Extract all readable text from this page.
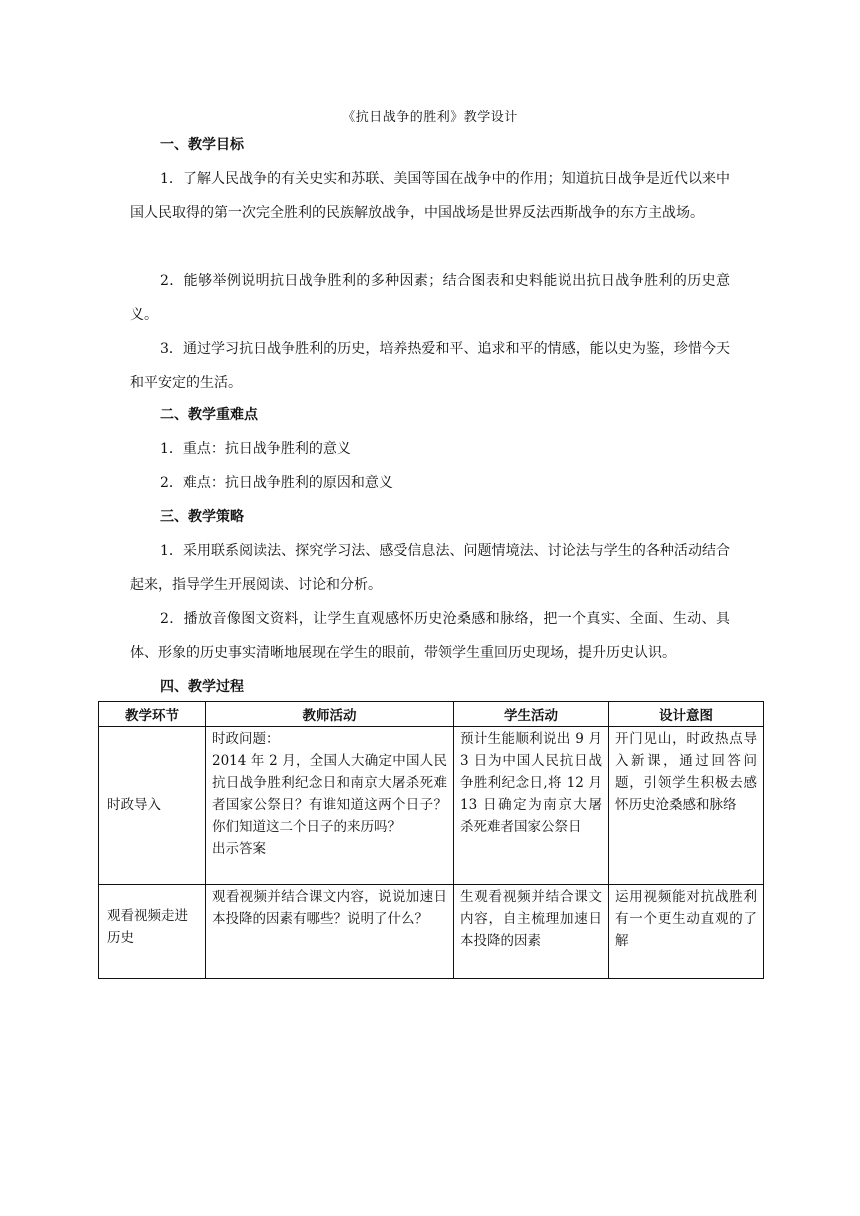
《抗日战争的胜利》教学设计
一、教学目标
1．了解人民战争的有关史实和苏联、美国等国在战争中的作用；知道抗日战争是近代以来中国人民取得的第一次完全胜利的民族解放战争，中国战场是世界反法西斯战争的东方主战场。
2．能够举例说明抗日战争胜利的多种因素；结合图表和史料能说出抗日战争胜利的历史意义。
3．通过学习抗日战争胜利的历史，培养热爱和平、追求和平的情感，能以史为鉴，珍惜今天和平安定的生活。
二、教学重难点
1．重点：抗日战争胜利的意义
2．难点：抗日战争胜利的原因和意义
三、教学策略
1．采用联系阅读法、探究学习法、感受信息法、问题情境法、讨论法与学生的各种活动结合起来，指导学生开展阅读、讨论和分析。
2．播放音像图文资料，让学生直观感怀历史沧桑感和脉络，把一个真实、全面、生动、具体、形象的历史事实清晰地展现在学生的眼前，带领学生重回历史现场，提升历史认识。
四、教学过程
教学环节	教师活动	学生活动	设计意图
时政导入	时政问题：
2014 年 2 月，全国人大确定中国人民抗日战争胜利纪念日和南京大屠杀死难者国家公祭日？有谁知道这两个日子？你们知道这二个日子的来历吗？
出示答案	预计生能顺利说出 9 月 3 日为中国人民抗日战争胜利纪念日,将 12 月 13 日确定为南京大屠杀死难者国家公祭日	开门见山，时政热点导入新课，通过回答问题，引领学生积极去感怀历史沧桑感和脉络
观看视频走进历史	观看视频并结合课文内容，说说加速日本投降的因素有哪些？说明了什么？	生观看视频并结合课文内容，自主梳理加速日本投降的因素	运用视频能对抗战胜利有一个更生动直观的了解
